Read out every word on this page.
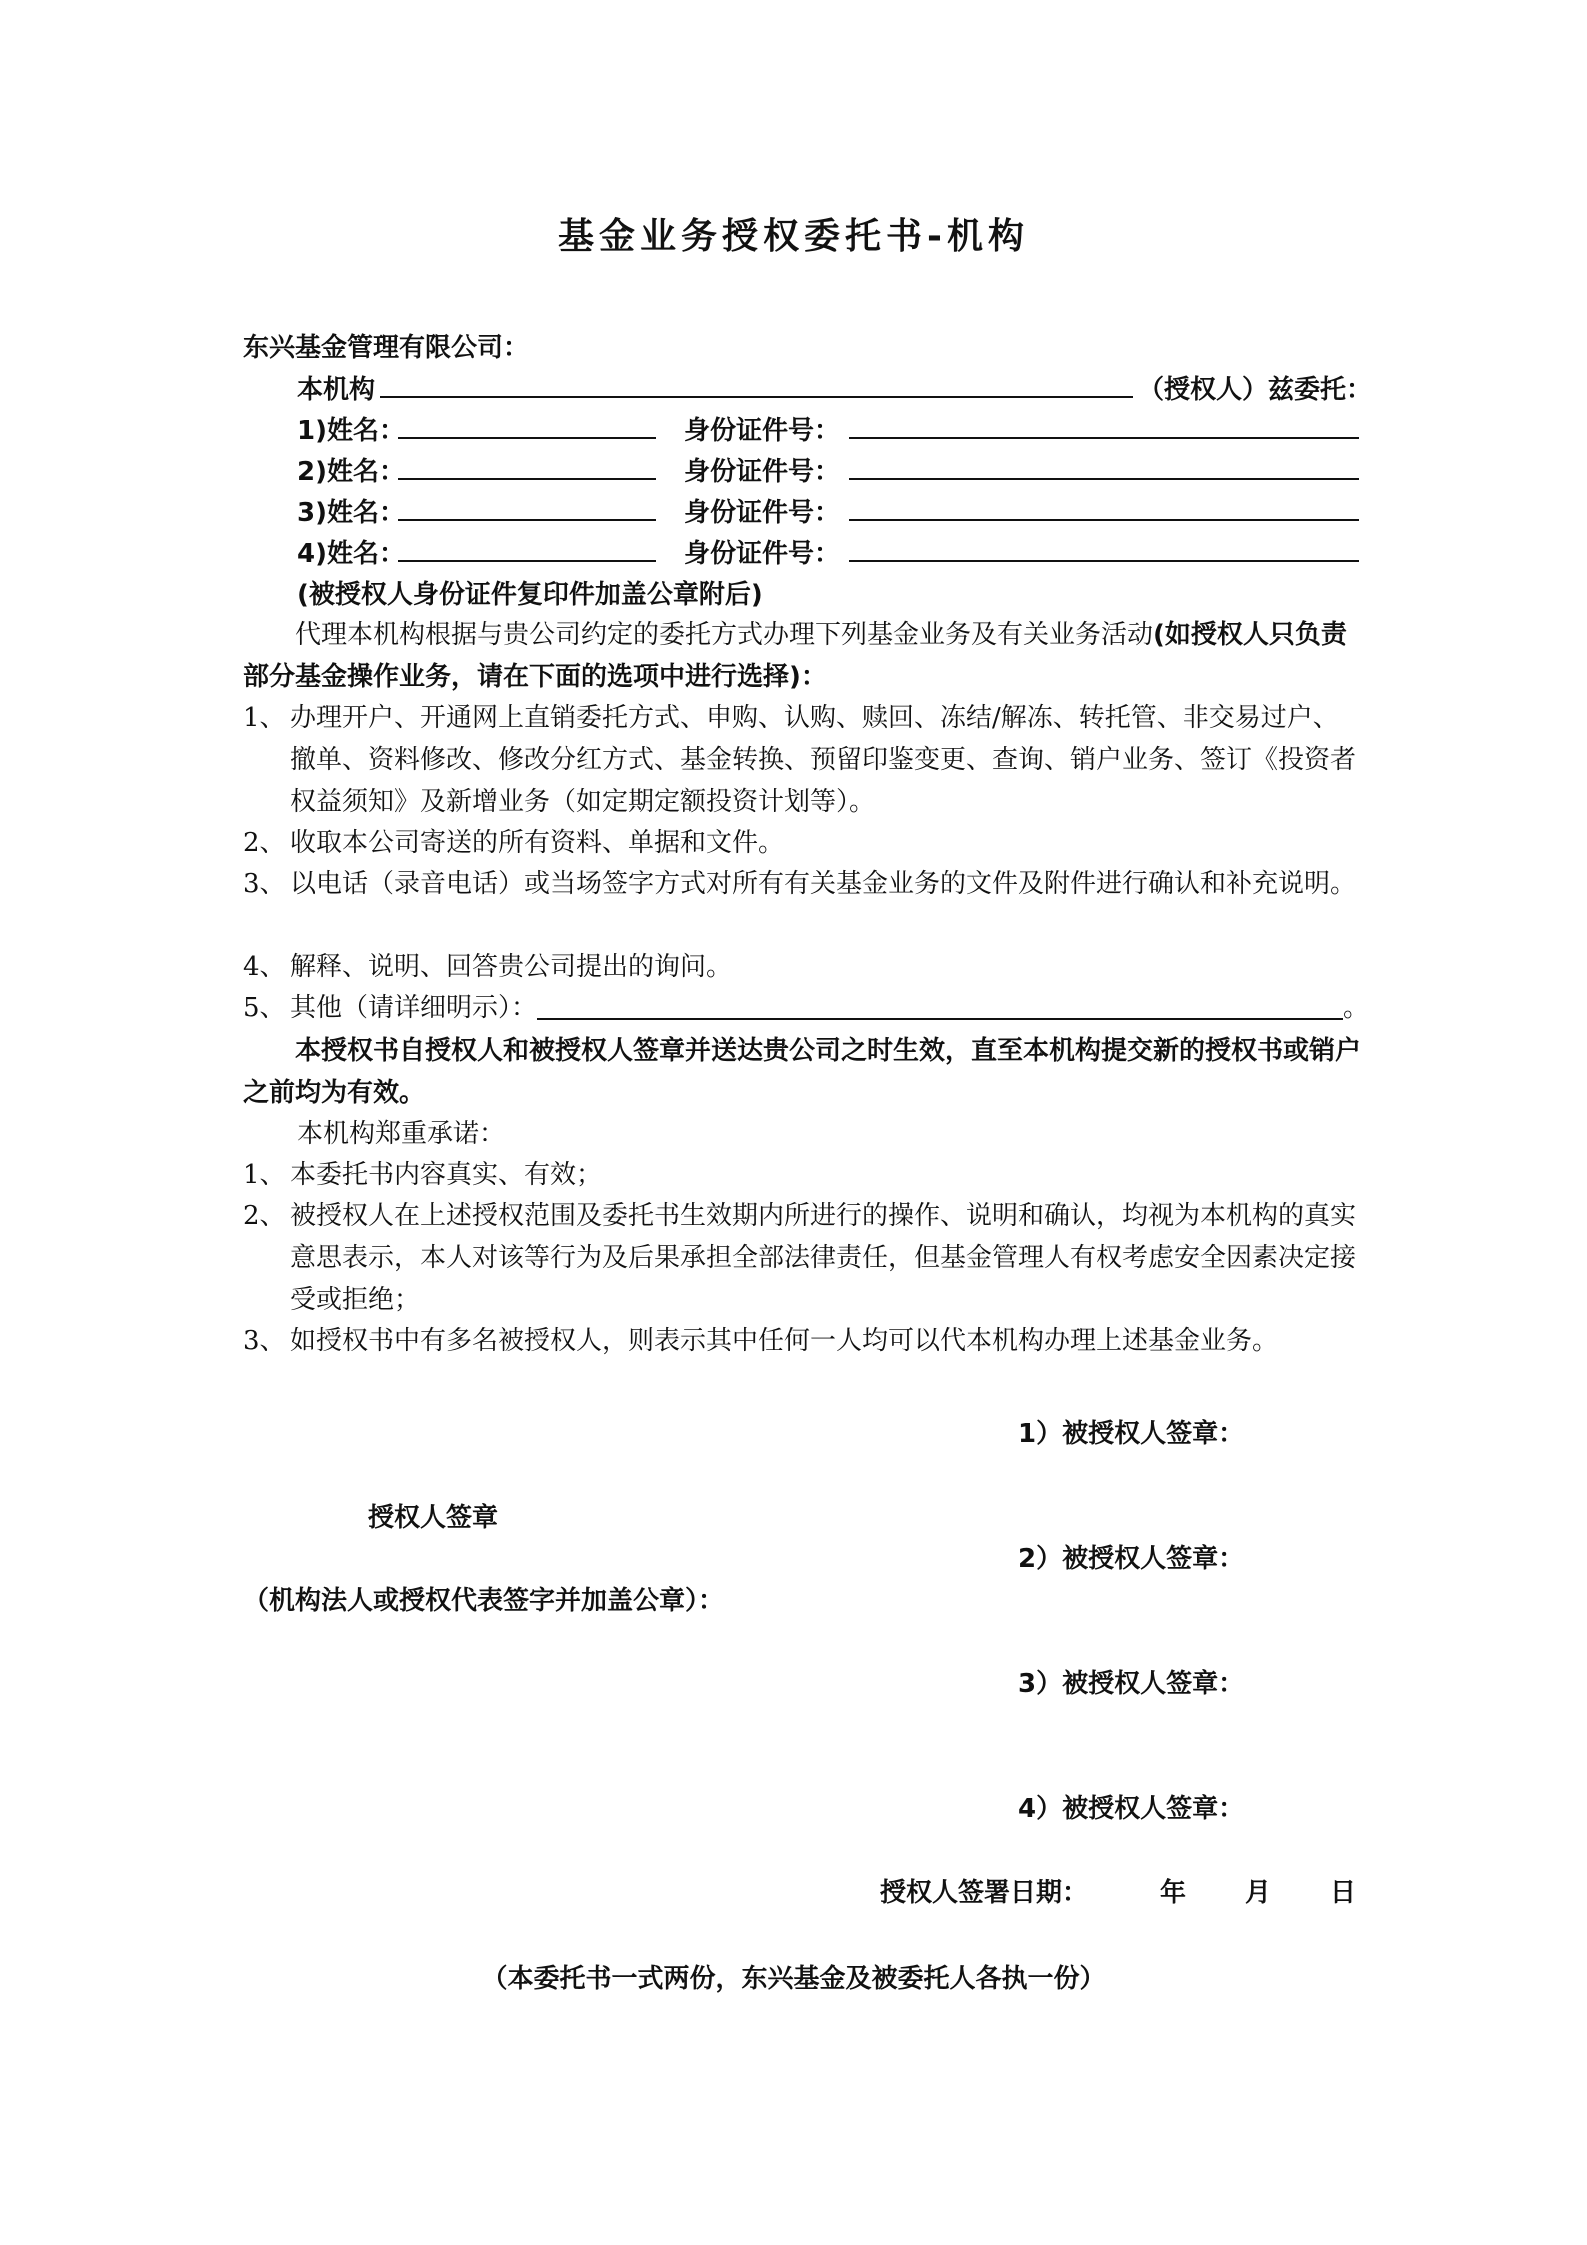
基金业务授权委托书-机构
东兴基金管理有限公司：
本机构	（授权人）兹委托：
1)姓名：	身份证件号：
2)姓名：	身份证件号：
3)姓名：	身份证件号：
4)姓名：	身份证件号：
(被授权人身份证件复印件加盖公章附后)
代理本机构根据与贵公司约定的委托方式办理下列基金业务及有关业务活动(如授权人只负责部分基金操作业务，请在下面的选项中进行选择)：
1、 办理开户、开通网上直销委托方式、申购、认购、赎回、冻结/解冻、转托管、非交易过户、撤单、资料修改、修改分红方式、基金转换、预留印鉴变更、查询、销户业务、签订《投资者权益须知》及新增业务（如定期定额投资计划等）。
2、 收取本公司寄送的所有资料、单据和文件。
3、 以电话（录音电话）或当场签字方式对所有有关基金业务的文件及附件进行确认和补充说明。
4、 解释、说明、回答贵公司提出的询问。
5、 其他（请详细明示）：	。
本授权书自授权人和被授权人签章并送达贵公司之时生效，直至本机构提交新的授权书或销户之前均为有效。
本机构郑重承诺：
1、 本委托书内容真实、有效；
2、 被授权人在上述授权范围及委托书生效期内所进行的操作、说明和确认，均视为本机构的真实意思表示，本人对该等行为及后果承担全部法律责任，但基金管理人有权考虑安全因素决定接受或拒绝；
3、 如授权书中有多名被授权人，则表示其中任何一人均可以代本机构办理上述基金业务。
1）被授权人签章：
授权人签章
2）被授权人签章：
（机构法人或授权代表签字并加盖公章）：
3）被授权人签章：
4）被授权人签章：
授权人签署日期：	年 月 日
（本委托书一式两份，东兴基金及被委托人各执一份）
